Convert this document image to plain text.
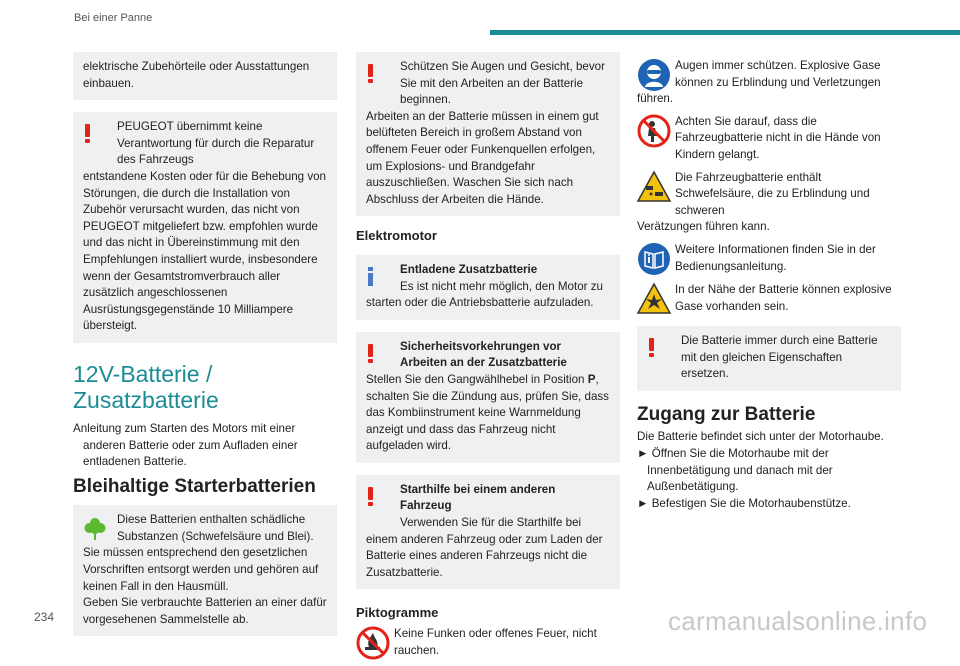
Bei einer Panne
elektrische Zubehörteile oder Ausstattungen einbauen.
PEUGEOT übernimmt keine Verantwortung für durch die Reparatur des Fahrzeugs
entstandene Kosten oder für die Behebung von Störungen, die durch die Installation von Zubehör verursacht wurden, das nicht von PEUGEOT mitgeliefert bzw. empfohlen wurde und das nicht in Übereinstimmung mit den Empfehlungen installiert wurde, insbesondere wenn der Gesamtstromverbrauch aller zusätzlich angeschlossenen Ausrüstungsgegenstände 10 Milliampere übersteigt.
12V-Batterie / Zusatzbatterie
Anleitung zum Starten des Motors mit einer anderen Batterie oder zum Aufladen einer entladenen Batterie.
Bleihaltige Starterbatterien
Diese Batterien enthalten schädliche Substanzen (Schwefelsäure und Blei).
Sie müssen entsprechend den gesetzlichen Vorschriften entsorgt werden und gehören auf keinen Fall in den Hausmüll.
Geben Sie verbrauchte Batterien an einer dafür vorgesehenen Sammelstelle ab.
Schützen Sie Augen und Gesicht, bevor Sie mit den Arbeiten an der Batterie beginnen.
Arbeiten an der Batterie müssen in einem gut belüfteten Bereich in großem Abstand von offenem Feuer oder Funkenquellen erfolgen, um Explosions- und Brandgefahr auszuschließen. Waschen Sie sich nach Abschluss der Arbeiten die Hände.
Elektromotor
Entladene Zusatzbatterie
Es ist nicht mehr möglich, den Motor zu
starten oder die Antriebsbatterie aufzuladen.
Sicherheitsvorkehrungen vor Arbeiten an der Zusatzbatterie
Stellen Sie den Gangwählhebel in Position P, schalten Sie die Zündung aus, prüfen Sie, dass das Kombiinstrument keine Warnmeldung anzeigt und dass das Fahrzeug nicht aufgeladen wird.
Starthilfe bei einem anderen Fahrzeug
Verwenden Sie für die Starthilfe bei
einem anderen Fahrzeug oder zum Laden der Batterie eines anderen Fahrzeugs nicht die Zusatzbatterie.
Piktogramme
Keine Funken oder offenes Feuer, nicht rauchen.
Augen immer schützen. Explosive Gase können zu Erblindung und Verletzungen
führen.
Achten Sie darauf, dass die Fahrzeugbatterie nicht in die Hände von Kindern gelangt.
Die Fahrzeugbatterie enthält Schwefelsäure, die zu Erblindung und schweren
Verätzungen führen kann.
Weitere Informationen finden Sie in der Bedienungsanleitung.
In der Nähe der Batterie können explosive Gase vorhanden sein.
Die Batterie immer durch eine Batterie mit den gleichen Eigenschaften ersetzen.
Zugang zur Batterie
Die Batterie befindet sich unter der Motorhaube.
► Öffnen Sie die Motorhaube mit der Innenbetätigung und danach mit der Außenbetätigung.
► Befestigen Sie die Motorhaubenstütze.
234	carmanualsonline.info
